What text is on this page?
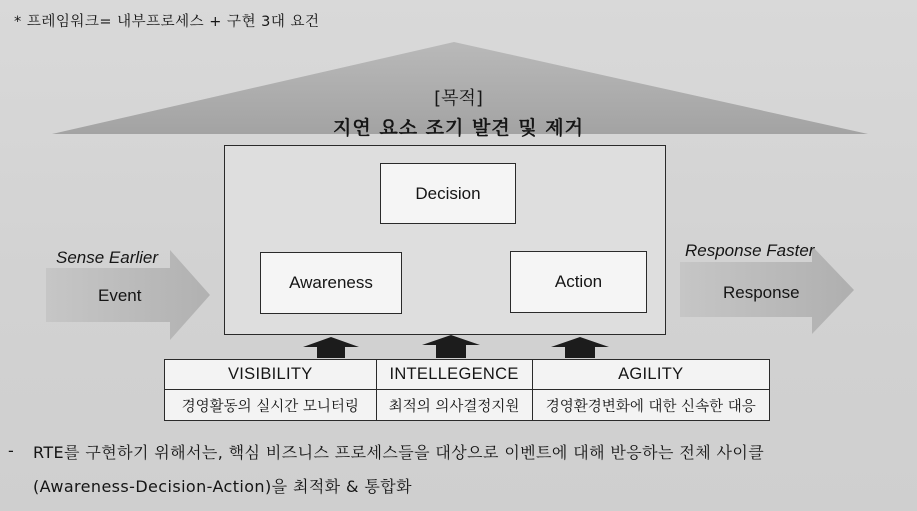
* 프레임워크= 내부프로세스 + 구현 3대 요건
[목적]
지연 요소 조기 발견 및 제거
Decision
Awareness	Action
Sense Earlier
Event
Response Faster
Response
VISIBILITY	INTELLEGENCE	AGILITY
경영활동의 실시간 모니터링	최적의 의사결정지원	경영환경변화에 대한 신속한 대응
- RTE를 구현하기 위해서는, 핵심 비즈니스 프로세스들을 대상으로 이벤트에 대해 반응하는 전체 사이클
(Awareness-Decision-Action)을 최적화 & 통합화
